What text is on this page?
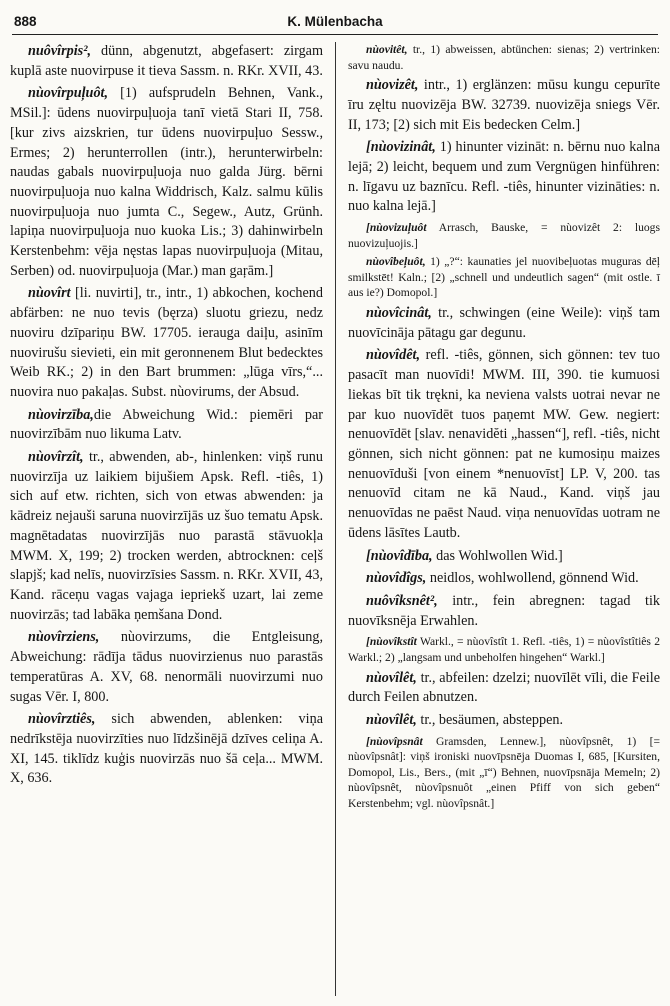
888	K. Mülenbacha

nuôvîrpis², dünn, abgenutzt, abgefasert: zirgam kuplā aste nuovirpuse it tieva Sassm. n. RKr. XVII, 43.

nùovîrpuļuôt, [1) aufsprudeln Behnen, Vank., MSil.]: ūdens nuovirpuļuoja tanī vietā Stari II, 758. [kur zivs aizskrien, tur ūdens nuovirpuļuo Sessw., Ermes; 2) herunterrollen (intr.), herunterwirbeln: naudas gabals nuovirpuļuoja nuo galda Jürg. bērni nuovirpuļuoja nuo kalna Widdrisch, Kalz. salmu kūlis nuovirpuļuoja nuo jumta C., Segew., Autz, Grünh. lapiņa nuovirpuļuoja nuo kuoka Lis.; 3) dahinwirbeln Kerstenbehm: vēja nęstas lapas nuovirpuļuoja (Mitau, Serben) od. nuovirpuļuoja (Mar.) man gaŗām.]

nùovîrt [li. nuvirti], tr., intr., 1) abkochen, kochend abfärben: ne nuo tevis (bęrza) sluotu griezu, nedz nuoviru dzīpariņu BW. 17705. ierauga daiļu, asinīm nuovirušu sievieti, ein mit geronnenem Blut bedecktes Weib RK.; 2) in den Bart brummen: „lūga vīrs,“... nuovira nuo pakaļas. Subst. nùovirums, der Absud.

nùovirzība,die Abweichung Wid.: piemēri par nuovirzībām nuo likuma Latv.

nùovîrzît, tr., abwenden, ab-, hinlenken: viņš runu nuovirzīja uz laikiem bijušiem Apsk. Refl. -tiês, 1) sich auf etw. richten, sich von etwas abwenden: ja kādreiz nejauši saruna nuovirzījās uz šuo tematu Apsk. magnētadatas nuovirzījās nuo parastā stāvuokļa MWM. X, 199; 2) trocken werden, abtrocknen: ceļš slapjš; kad nelīs, nuovirzīsies Sassm. n. RKr. XVII, 43, Kand. rāceņu vagas vajaga iepriekš uzart, lai zeme nuovirzās; tad labāka ņemšana Dond.

nùovîrziens, nùovirzums, die Entgleisung, Abweichung: rādīja tādus nuovirzienus nuo parastās temperatūras A. XV, 68. nenormāli nuovirzumi nuo sugas Vēr. I, 800.

nùovîrztiês, sich abwenden, ablenken: viņa nedrīkstēja nuovirzīties nuo līdzšinējā dzīves celiņa A. XI, 145. tiklīdz kuģis nuovirzās nuo šā ceļa... MWM. X, 636.

nùovitêt, tr., 1) abweissen, abtünchen: sienas; 2) vertrinken: savu naudu.

nùovizêt, intr., 1) erglänzen: mūsu kungu cepurīte īru zęltu nuovizēja BW. 32739. nuovizēja sniegs Vēr. II, 173; [2) sich mit Eis bedecken Celm.]

[nùovizinât, 1) hinunter vizināt: n. bērnu nuo kalna lejā; 2) leicht, bequem und zum Vergnügen hinführen: n. līgavu uz baznīcu. Refl. -tiês, hinunter vizināties: n. nuo kalna lejā.]

[nùovizuļuôt Arrasch, Bauske, = nùovizêt 2: luogs nuovizuļuojis.]

nùovîbeļuôt, 1) „?“: kaunaties jel nuovibeļuotas muguras dēļ smilkstēt! Kaln.; [2) „schnell und undeutlich sagen“ (mit ostle. ī aus ie?) Domopol.]

nùovîcinât, tr., schwingen (eine Weile): viņš tam nuovīcināja pātagu gar degunu.

nùovîdêt, refl. -tiês, gönnen, sich gönnen: tev tuo pasacīt man nuovīdi! MWM. III, 390. tie kumuosi liekas bīt tik trękni, ka neviena valsts uotrai nevar ne par kuo nuovīdēt tuos paņemt MW. Gew. negiert: nenuovīdēt [slav. nenavidĕti „hassen“], refl. -tiês, nicht gönnen, sich nicht gönnen: pat ne kumosiņu maizes nenuovīduši [von einem *nenuovīst] LP. V, 200. tas nenuovīd citam ne kā Naud., Kand. viņš jau nenuovīdas ne paēst Naud. viņa nenuovīdas uotram ne ūdens lāsītes Lautb.

[nùovîdība, das Wohlwollen Wid.]

nùovîdîgs, neidlos, wohlwollend, gönnend Wid.

nuôvîksnêt², intr., fein abregnen: tagad tik nuovīksnēja Erwahlen.

[nùovîkstît Warkl., = nùovîstît 1. Refl. -tiês, 1) = nùovîstîtiês 2 Warkl.; 2) „langsam und unbeholfen hingehen“ Warkl.]

nùovîlêt, tr., abfeilen: dzelzi; nuovīlēt vīli, die Feile durch Feilen abnutzen.

nùovîlêt, tr., besäumen, absteppen.

[nùovîpsnât Gramsden, Lennew.], nùovîpsnêt, 1) [= nùovîpsnât]: viņš ironiski nuovīpsnēja Duomas I, 685, [Kursiten, Domopol, Lis., Bers., (mit „ī“) Behnen, nuovīpsnāja Memeln; 2) nùovîpsnêt, nùovîpsnuôt „einen Pfiff von sich geben“ Kerstenbehm; vgl. nùovîpsnât.]
